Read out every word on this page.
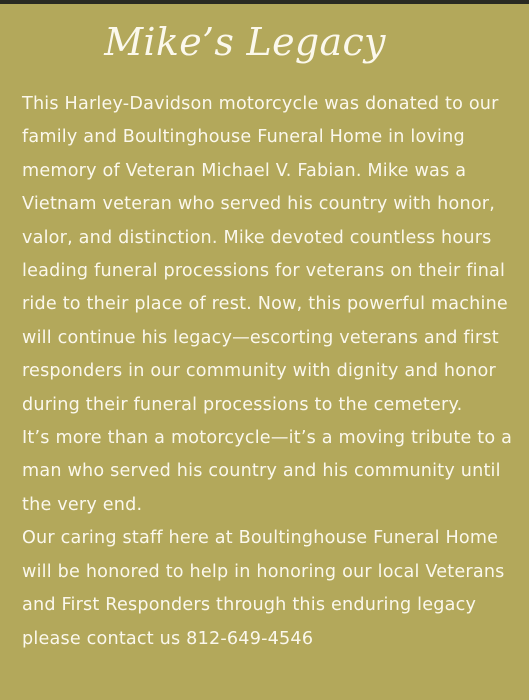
Mike’s Legacy

This Harley-Davidson motorcycle was donated to our family and Boultinghouse Funeral Home in loving memory of Veteran Michael V. Fabian. Mike was a Vietnam veteran who served his country with honor, valor, and distinction. Mike devoted countless hours leading funeral processions for veterans on their final ride to their place of rest. Now, this powerful machine will continue his legacy—escorting veterans and first responders in our community with dignity and honor during their funeral processions to the cemetery.

It’s more than a motorcycle—it’s a moving tribute to a man who served his country and his community until the very end.

Our caring staff here at Boultinghouse Funeral Home will be honored to help in honoring our local Veterans and First Responders through this enduring legacy please contact us 812-649-4546
